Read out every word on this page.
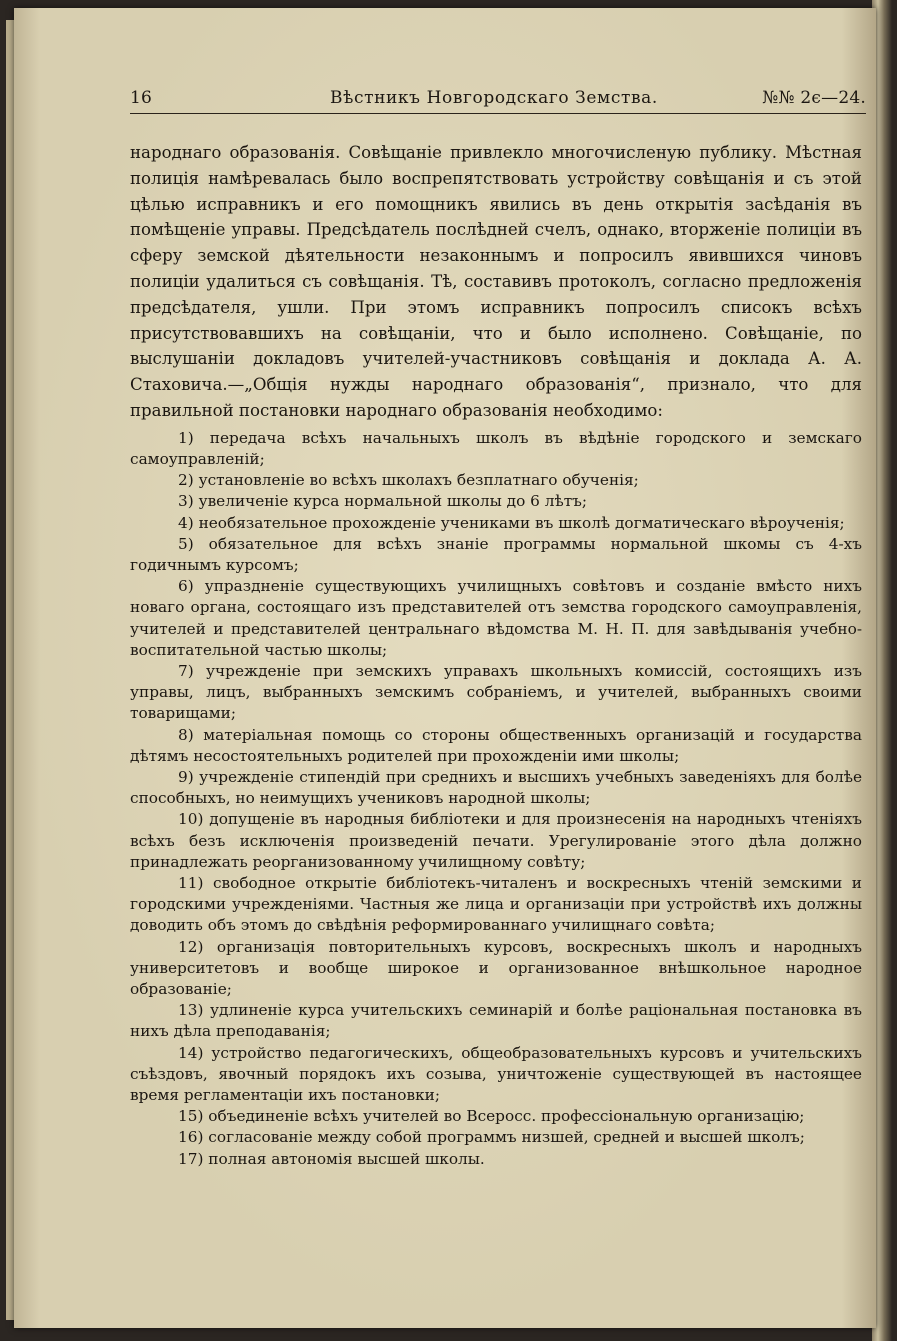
16	Вѣстникъ Новгородскаго Земства.	№№ 2є—24.

народнаго образованія. Совѣщаніе привлекло многочисленую публику. Мѣстная полиція намѣревалась было воспрепятствовать устройству совѣщанія и съ этой цѣлью исправникъ и его помощникъ явились въ день открытія засѣданія въ помѣщеніе управы. Предсѣдатель послѣдней счелъ, однако, вторженіе полиціи въ сферу земской дѣятельности незаконнымъ и попросилъ явившихся чиновъ полиціи удалиться съ совѣщанія. Тѣ, составивъ протоколъ, согласно предложенія предсѣдателя, ушли. При этомъ исправникъ попросилъ списокъ всѣхъ присутствовавшихъ на совѣщаніи, что и было исполнено. Совѣщаніе, по выслушаніи докладовъ учителей-участниковъ совѣщанія и доклада А. А. Стаховича.—„Общія нужды народнаго образованія“, признало, что для правильной постановки народнаго образованія необходимо:

1) передача всѣхъ начальныхъ школъ въ вѣдѣніе городского и земскаго самоуправленій;

2) установленіе во всѣхъ школахъ безплатнаго обученія;

3) увеличеніе курса нормальной школы до 6 лѣтъ;

4) необязательное прохожденіе учениками въ школѣ догматическаго вѣроученія;

5) обязательное для всѣхъ знаніе программы нормальной шкомы съ 4-хъ годичнымъ курсомъ;

6) упраздненіе существующихъ училищныхъ совѣтовъ и созданіе вмѣсто нихъ новаго органа, состоящаго изъ представителей отъ земства городского самоуправленія, учителей и представителей центральнаго вѣдомства М. Н. П. для завѣдыванія учебно-воспитательной частью школы;

7) учрежденіе при земскихъ управахъ школьныхъ комиссій, состоящихъ изъ управы, лицъ, выбранныхъ земскимъ собраніемъ, и учителей, выбранныхъ своими товарищами;

8) матеріальная помощь со стороны общественныхъ организацій и государства дѣтямъ несостоятельныхъ родителей при прохожденіи ими школы;

9) учрежденіе стипендій при среднихъ и высшихъ учебныхъ заведеніяхъ для болѣе способныхъ, но неимущихъ учениковъ народной школы;

10) допущеніе въ народныя библіотеки и для произнесенія на народныхъ чтеніяхъ всѣхъ безъ исключенія произведеній печати. Урегулированіе этого дѣла должно принадлежать реорганизованному училищному совѣту;

11) свободное открытіе библіотекъ-читаленъ и воскресныхъ чтеній земскими и городскими учрежденіями. Частныя же лица и организаціи при устройствѣ ихъ должны доводить объ этомъ до свѣдѣнія реформированнаго училищнаго совѣта;

12) организація повторительныхъ курсовъ, воскресныхъ школъ и народныхъ университетовъ и вообще широкое и организованное внѣшкольное народное образованіе;

13) удлиненіе курса учительскихъ семинарій и болѣе раціональная постановка въ нихъ дѣла преподаванія;

14) устройство педагогическихъ, общеобразовательныхъ курсовъ и учительскихъ съѣздовъ, явочный порядокъ ихъ созыва, уничтоженіе существующей въ настоящее время регламентаціи ихъ постановки;

15) объединеніе всѣхъ учителей во Всеросс. профессіональную организацію;

16) согласованіе между собой программъ низшей, средней и высшей школъ;

17) полная автономія высшей школы.
